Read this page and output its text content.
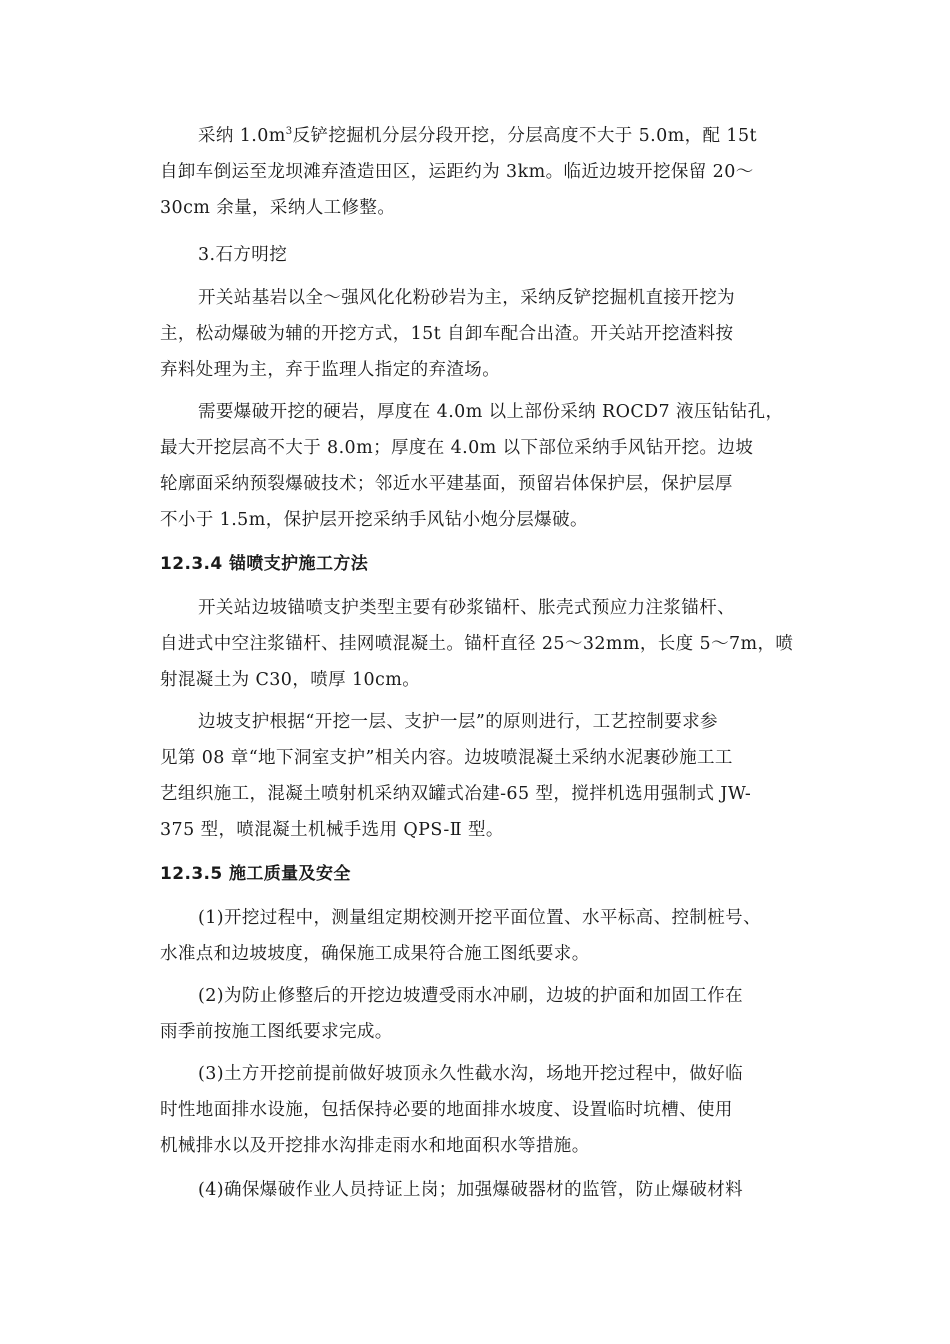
采纳 $1.0m^3$反铲挖掘机分层分段开挖，分层高度不大于 5.0m，配 15t
自卸车倒运至龙坝滩弃渣造田区，运距约为 3km。临近边坡开挖保留 20～
30cm 余量，采纳人工修整。
3.石方明挖
开关站基岩以全～强风化化粉砂岩为主，采纳反铲挖掘机直接开挖为
主，松动爆破为辅的开挖方式，15t 自卸车配合出渣。开关站开挖渣料按
弃料处理为主，弃于监理人指定的弃渣场。
需要爆破开挖的硬岩，厚度在 4.0m 以上部份采纳 ROCD7 液压钻钻孔，
最大开挖层高不大于 8.0m；厚度在 4.0m 以下部位采纳手风钻开挖。边坡
轮廓面采纳预裂爆破技术；邻近水平建基面，预留岩体保护层，保护层厚
不小于 1.5m，保护层开挖采纳手风钻小炮分层爆破。
12.3.4 锚喷支护施工方法
开关站边坡锚喷支护类型主要有砂浆锚杆、胀壳式预应力注浆锚杆、
自进式中空注浆锚杆、挂网喷混凝土。锚杆直径 25～32mm，长度 5～7m，喷
射混凝土为 C30，喷厚 10cm。
边坡支护根据“开挖一层、支护一层”的原则进行，工艺控制要求参
见第 08 章“地下洞室支护”相关内容。边坡喷混凝土采纳水泥裹砂施工工
艺组织施工，混凝土喷射机采纳双罐式冶建-65 型，搅拌机选用强制式 JW-
375 型，喷混凝土机械手选用 QPS-Ⅱ 型。
12.3.5 施工质量及安全
(1)开挖过程中，测量组定期校测开挖平面位置、水平标高、控制桩号、
水准点和边坡坡度，确保施工成果符合施工图纸要求。
(2)为防止修整后的开挖边坡遭受雨水冲刷，边坡的护面和加固工作在
雨季前按施工图纸要求完成。
(3)土方开挖前提前做好坡顶永久性截水沟，场地开挖过程中，做好临
时性地面排水设施，包括保持必要的地面排水坡度、设置临时坑槽、使用
机械排水以及开挖排水沟排走雨水和地面积水等措施。
(4)确保爆破作业人员持证上岗；加强爆破器材的监管，防止爆破材料
